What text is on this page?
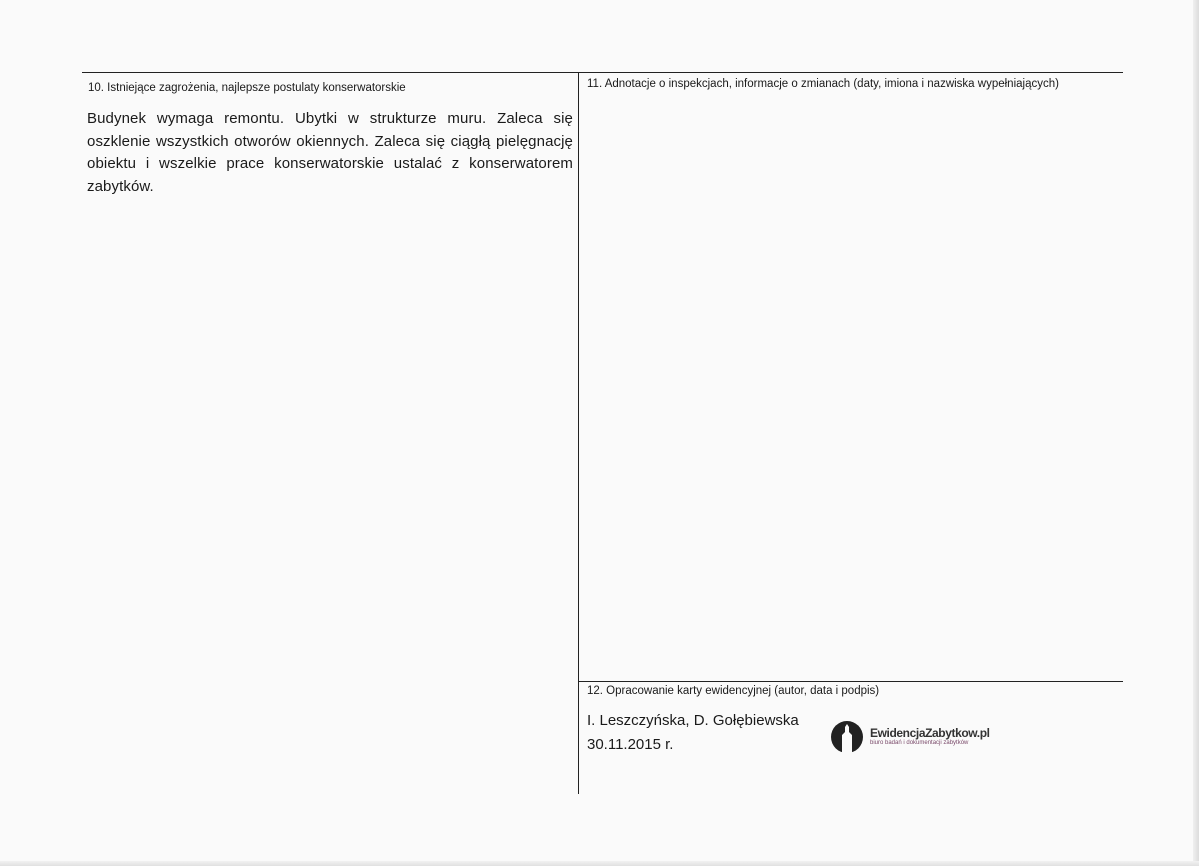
10. Istniejące zagrożenia, najlepsze postulaty konserwatorskie
Budynek wymaga remontu. Ubytki w strukturze muru. Zaleca się oszklenie wszystkich otworów okiennych. Zaleca się ciągłą pielęgnację obiektu i wszelkie prace konserwatorskie ustalać z konserwatorem zabytków.
11. Adnotacje o inspekcjach, informacje o zmianach (daty, imiona i nazwiska wypełniających)
12. Opracowanie karty ewidencyjnej (autor, data i podpis)
I. Leszczyńska, D. Gołębiewska
30.11.2015 r.
EwidencjaZabytkow.pl
biuro badań i dokumentacji zabytków
